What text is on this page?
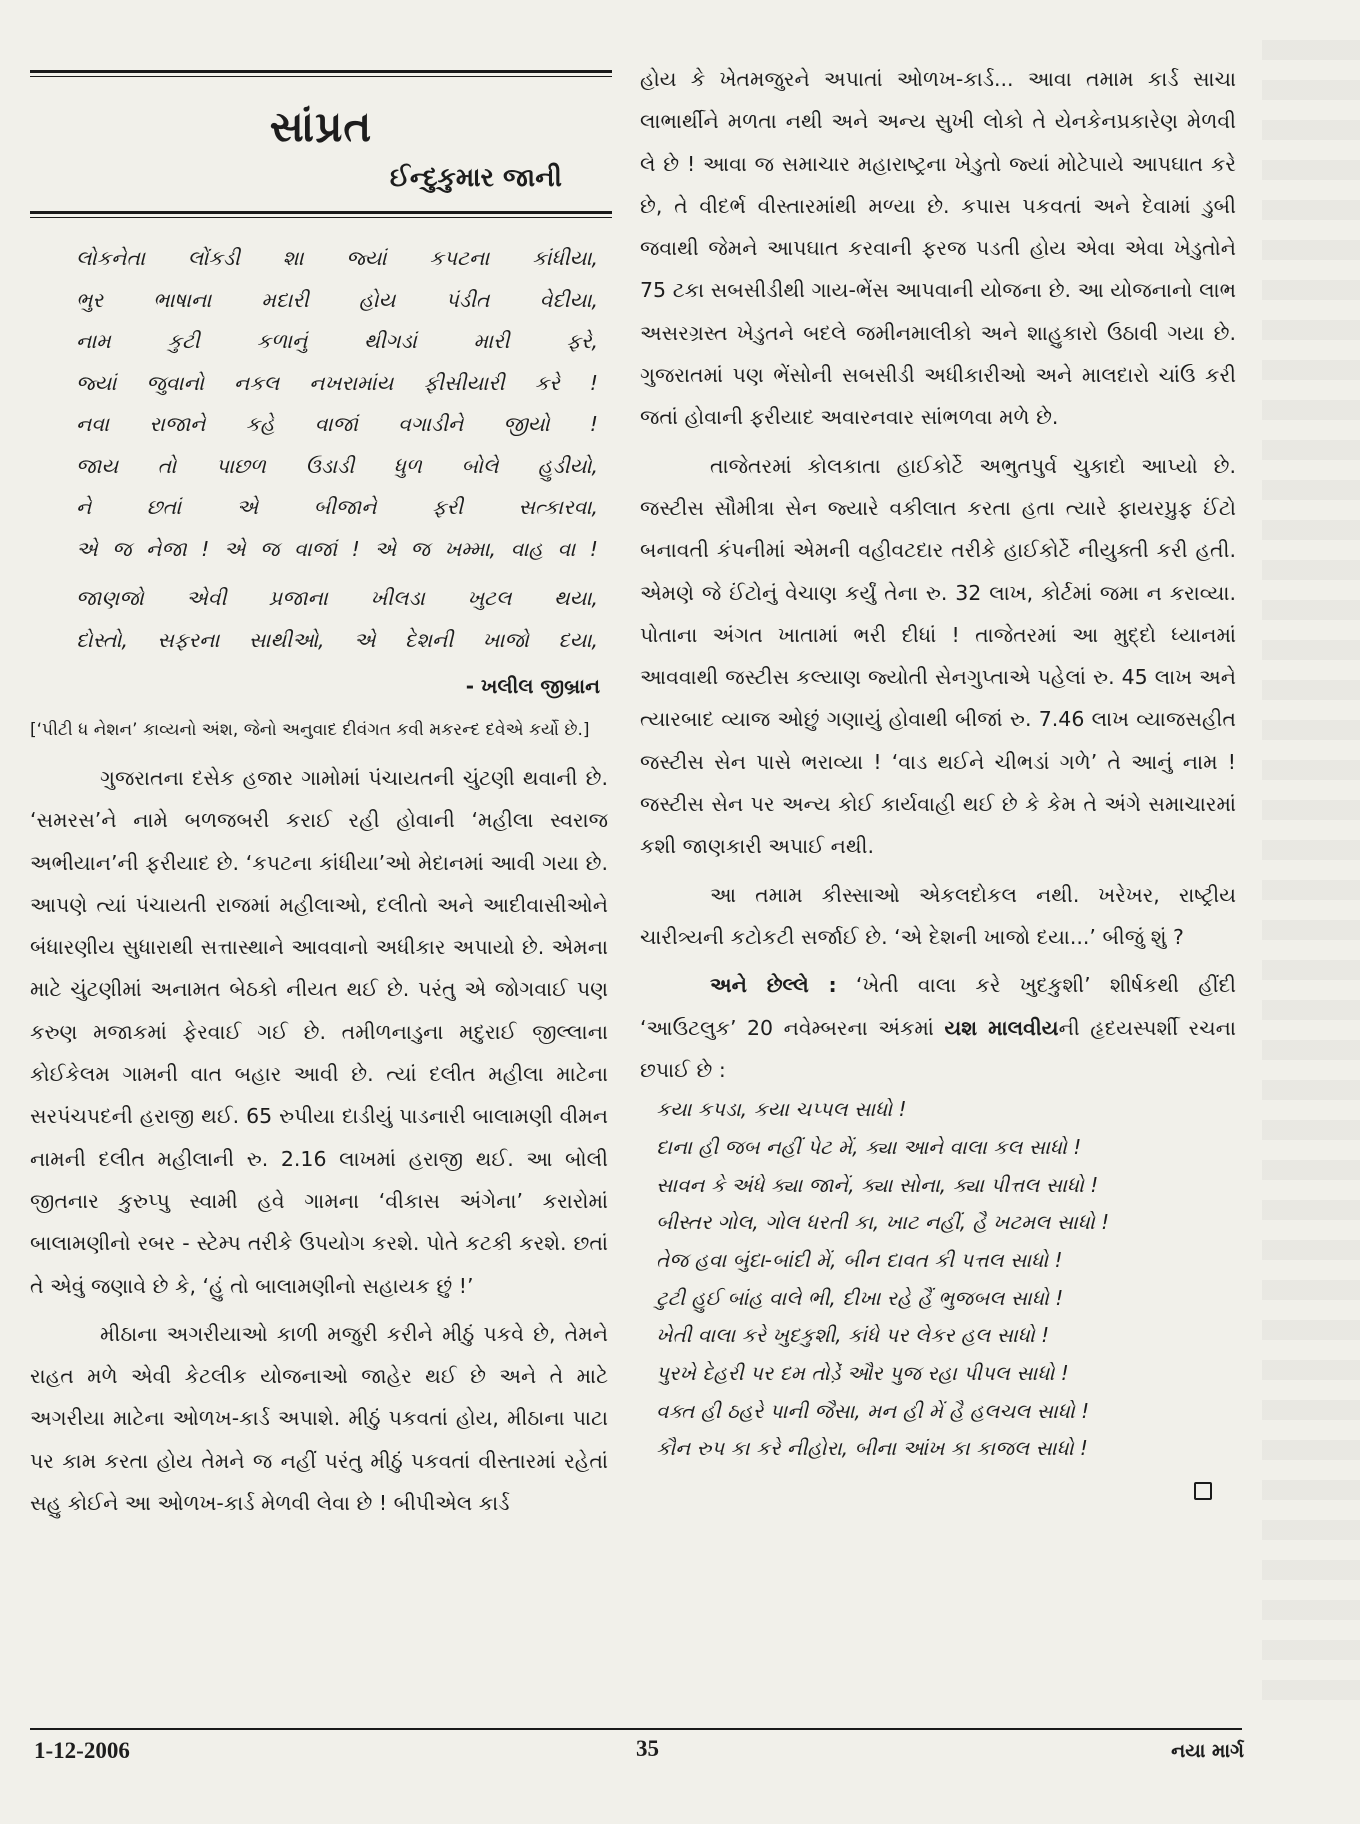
સાંપ્રત
ઈન્દુકુમાર જાની
લોકનેતા લોંકડી શા જ્યાં કપટના કાંધીયા,
ભુર ભાષાના મદારી હોય પંડીત વેદીયા,
નામ કુટી કળાનું થીગડાં મારી ફરે,
જ્યાં જુવાનો નકલ નખરામાંય ફીસીયારી કરે !
નવા રાજાને કહે વાજાં વગાડીને જીયો !
જાય તો પાછળ ઉડાડી ધુળ બોલે હુડીયો,
ને છતાં એ બીજાને ફરી સત્કારવા,
એ જ નેજા ! એ જ વાજાં ! એ જ ખમ્મા, વાહ વા !
જાણજો એવી પ્રજાના ખીલડા ખુટલ થયા,
દોસ્તો, સફરના સાથીઓ, એ દેશની ખાજો દયા,
- ખલીલ જીબ્રાન
[‘પીટી ધ નેશન’ કાવ્યનો અંશ, જેનો અનુવાદ દીવંગત કવી મકરન્દ દવેએ કર્યો છે.]

ગુજરાતના દસેક હજાર ગામોમાં પંચાયતની ચુંટણી થવાની છે. ‘સમરસ’ને નામે બળજબરી કરાઈ રહી હોવાની ‘મહીલા સ્વરાજ અભીયાન’ની ફરીયાદ છે. ‘કપટના કાંધીયા’ઓ મેદાનમાં આવી ગયા છે. આપણે ત્યાં પંચાયતી રાજમાં મહીલાઓ, દલીતો અને આદીવાસીઓને બંધારણીય સુધારાથી સત્તાસ્થાને આવવાનો અધીકાર અપાયો છે. એમના માટે ચુંટણીમાં અનામત બેઠકો નીયત થઈ છે. પરંતુ એ જોગવાઈ પણ કરુણ મજાકમાં ફેરવાઈ ગઈ છે. તમીળનાડુના મદુરાઈ જીલ્લાના કોઈકેલમ ગામની વાત બહાર આવી છે. ત્યાં દલીત મહીલા માટેના સરપંચપદની હરાજી થઈ. 65 રુપીયા દાડીયું પાડનારી બાલામણી વીમન નામની દલીત મહીલાની રુ. 2.16 લાખમાં હરાજી થઈ. આ બોલી જીતનાર કુરુપ્પુ સ્વામી હવે ગામના ‘વીકાસ અંગેના’ કરારોમાં બાલામણીનો રબર - સ્ટેમ્પ તરીકે ઉપયોગ કરશે. પોતે કટકી કરશે. છતાં તે એવું જણાવે છે કે, ‘હું તો બાલામણીનો સહાયક છું !’

મીઠાના અગરીયાઓ કાળી મજુરી કરીને મીઠું પકવે છે, તેમને રાહત મળે એવી કેટલીક યોજનાઓ જાહેર થઈ છે અને તે માટે અગરીયા માટેના ઓળખ-કાર્ડ અપાશે. મીઠું પકવતાં હોય, મીઠાના પાટા પર કામ કરતા હોય તેમને જ નહીં પરંતુ મીઠું પકવતાં વીસ્તારમાં રહેતાં સહુ કોઈને આ ઓળખ-કાર્ડ મેળવી લેવા છે ! બીપીએલ કાર્ડ

હોય કે ખેતમજુરને અપાતાં ઓળખ-કાર્ડ... આવા તમામ કાર્ડ સાચા લાભાર્થીને મળતા નથી અને અન્ય સુખી લોકો તે યેનકેનપ્રકારેણ મેળવી લે છે ! આવા જ સમાચાર મહારાષ્ટ્રના ખેડુતો જ્યાં મોટેપાયે આપઘાત કરે છે, તે વીદર્ભ વીસ્તારમાંથી મળ્યા છે. કપાસ પકવતાં અને દેવામાં ડુબી જવાથી જેમને આપઘાત કરવાની ફરજ પડતી હોય એવા એવા ખેડુતોને 75 ટકા સબસીડીથી ગાય-ભેંસ આપવાની યોજના છે. આ યોજનાનો લાભ અસરગ્રસ્ત ખેડુતને બદલે જમીનમાલીકો અને શાહુકારો ઉઠાવી ગયા છે. ગુજરાતમાં પણ ભેંસોની સબસીડી અધીકારીઓ અને માલદારો ચાંઉ કરી જતાં હોવાની ફરીયાદ અવારનવાર સાંભળવા મળે છે.

તાજેતરમાં કોલકાતા હાઈકોર્ટે અભુતપુર્વ ચુકાદો આપ્યો છે. જસ્ટીસ સૌમીત્રા સેન જ્યારે વકીલાત કરતા હતા ત્યારે ફાયરપ્રુફ ઈંટો બનાવતી કંપનીમાં એમની વહીવટદાર તરીકે હાઈકોર્ટે નીયુક્તી કરી હતી. એમણે જે ઈંટોનું વેચાણ કર્યું તેના રુ. 32 લાખ, કોર્ટમાં જમા ન કરાવ્યા. પોતાના અંગત ખાતામાં ભરી દીધાં ! તાજેતરમાં આ મુદ્દો ધ્યાનમાં આવવાથી જસ્ટીસ કલ્યાણ જ્યોતી સેનગુપ્તાએ પહેલાં રુ. 45 લાખ અને ત્યારબાદ વ્યાજ ઓછું ગણાયું હોવાથી બીજાં રુ. 7.46 લાખ વ્યાજસહીત જસ્ટીસ સેન પાસે ભરાવ્યા ! ‘વાડ થઈને ચીભડાં ગળે’ તે આનું નામ ! જસ્ટીસ સેન પર અન્ય કોઈ કાર્યવાહી થઈ છે કે કેમ તે અંગે સમાચારમાં કશી જાણકારી અપાઈ નથી.

આ તમામ કીસ્સાઓ એકલદોકલ નથી. ખરેખર, રાષ્ટ્રીય ચારીત્ર્યની કટોકટી સર્જાઈ છે. ‘એ દેશની ખાજો દયા...’ બીજું શું ?

અને છેલ્લે : ‘ખેતી વાલા કરે ખુદકુશી’ શીર્ષકથી હીંદી ‘આઉટલુક’ 20 નવેમ્બરના અંકમાં યશ માલવીયની હૃદયસ્પર્શી રચના છપાઈ છે :

કયા કપડા, કયા ચપ્પલ સાધો !
દાના હી જબ નહીં પેટ મેં, ક્યા આને વાલા કલ સાધો !
સાવન કે અંધે ક્યા જાનેં, ક્યા સોના, ક્યા પીત્તલ સાધો !
બીસ્તર ગોલ, ગોલ ધરતી કા, ખાટ નહીં, હૈ ખટમલ સાધો !
તેજ હવા બુંદા-બાંદી મેં, બીન દાવત કી પત્તલ સાધો !
ટુટી હુઈ બાંહ વાલે ભી, દીખા રહે હૈં ભુજબલ સાધો !
ખેતી વાલા કરે ખુદકુશી, કાંધે પર લેકર હલ સાધો !
પુરખે દેહરી પર દમ તોડે઼ં ઔર પુજ રહા પીપલ સાધો !
વક્ત હી ઠહરે પાની જૈસા, મન હી મેં હૈ હલચલ સાધો !
કૌન રુપ કા કરે નીહોરા, બીના આંખ કા કાજલ સાધો !
1-12-2006	35	નયા માર્ગ
